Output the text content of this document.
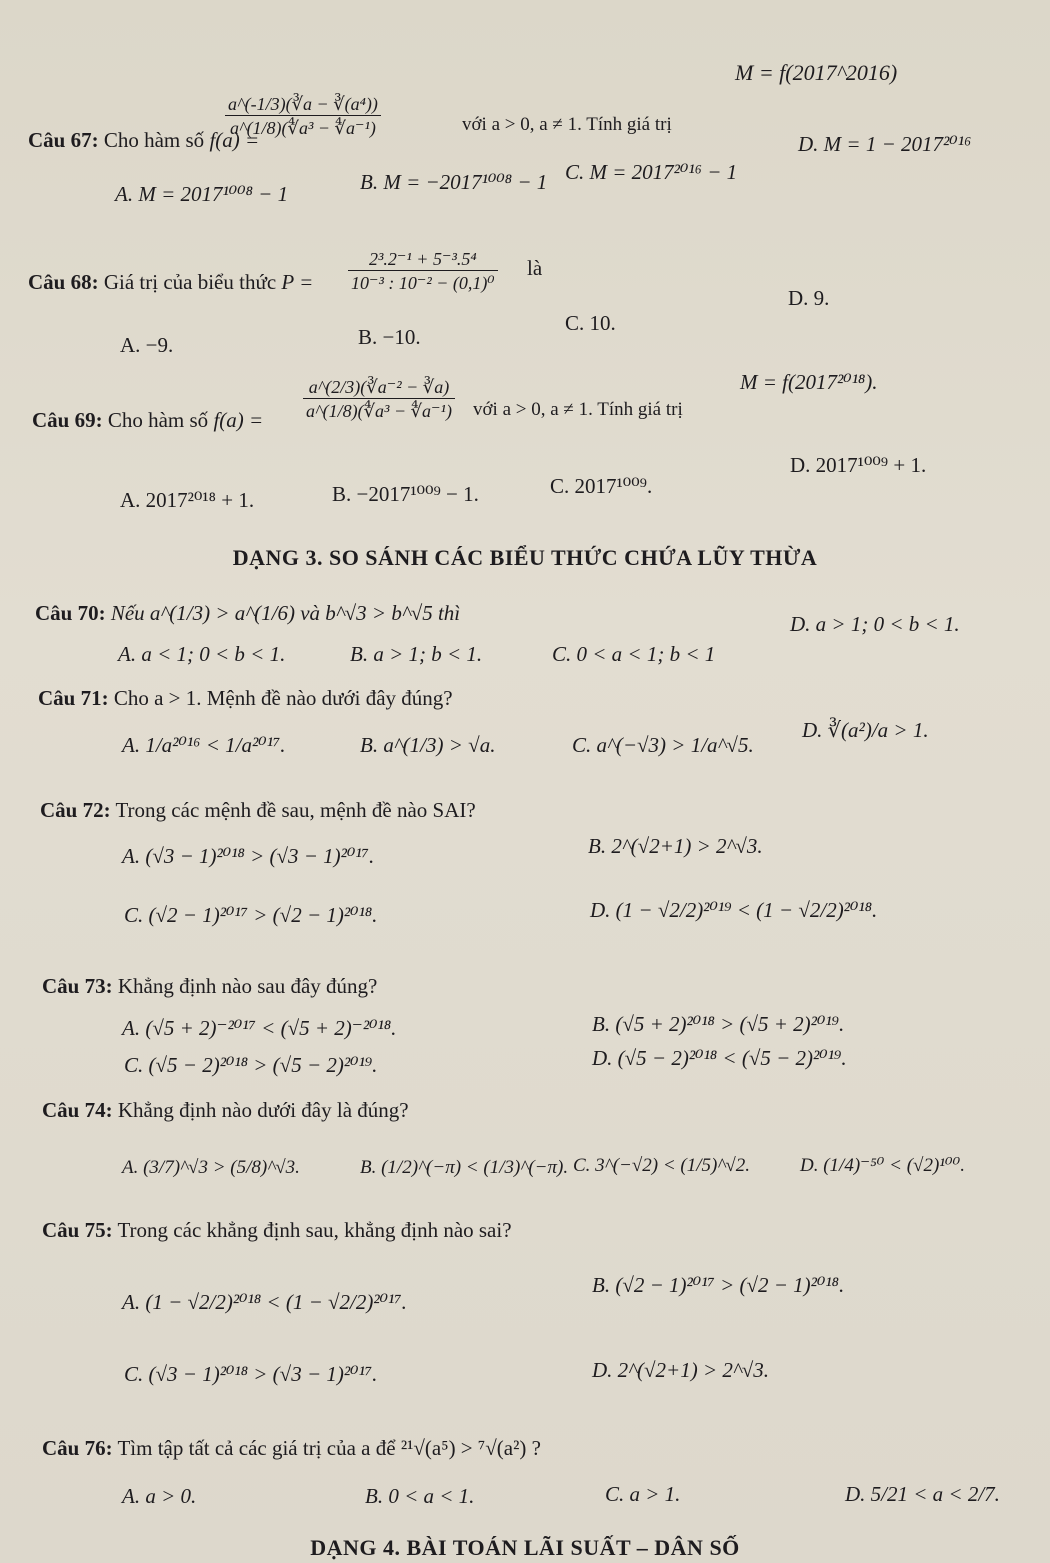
Câu 67: Cho hàm số f(a) =
$\frac{\text{a\textasciicircum{}(-1/3)(∛a − ∛(a⁴))}}{\text{a\textasciicircum{}(1/8)(∜a³ − ∜a⁻¹)}}$	với a > 0, a ≠ 1. Tính giá trị
M = f(2017^2016)
A. M = 2017¹⁰⁰⁸ − 1	B. M = −2017¹⁰⁰⁸ − 1 C. M = 2017²⁰¹⁶ − 1
D. M = 1 − 2017²⁰¹⁶
Câu 68: Giá trị của biểu thức $P = \frac{\text{2³.2⁻¹ + 5⁻³.5⁴}}{\text{10⁻³ : 10⁻² − (0,1)⁰}}$ là
A. −9.	B. −10.
C. 10.
D. 9.
Câu 69: Cho hàm số $f(a) = \frac{\text{a\textasciicircum{}(2/3)(∛a⁻² − ∛a)}}{\text{a\textasciicircum{}(1/8)(∜a³ − ∜a⁻¹)}}$ với a > 0, a ≠ 1. Tính giá trị
M = f(2017²⁰¹⁸).
A. 2017²⁰¹⁸ + 1.	B. −2017¹⁰⁰⁹ − 1.	C. 2017¹⁰⁰⁹.
D. 2017¹⁰⁰⁹ + 1.
DẠNG 3. SO SÁNH CÁC BIỂU THỨC CHỨA LŨY THỪA
Câu 70: Nếu a^(1/3) > a^(1/6) và b^√3 > b^√5 thì
A. a < 1; 0 < b < 1.	B. a > 1; b < 1.	C. 0 < a < 1; b < 1
D. a > 1; 0 < b < 1.
Câu 71: Cho a > 1. Mệnh đề nào dưới đây đúng?
A. 1/a²⁰¹⁶ < 1/a²⁰¹⁷.	B. a^(1/3) > √a.	C. a^(−√3) > 1/a^√5.
D. ∛(a²)/a > 1.
Câu 72: Trong các mệnh đề sau, mệnh đề nào SAI?
A. (√3 − 1)²⁰¹⁸ > (√3 − 1)²⁰¹⁷.	B. 2^(√2+1) > 2^√3.
C. (√2 − 1)²⁰¹⁷ > (√2 − 1)²⁰¹⁸.	D. (1 − √2/2)²⁰¹⁹ < (1 − √2/2)²⁰¹⁸.
Câu 73: Khẳng định nào sau đây đúng?
A. (√5 + 2)⁻²⁰¹⁷ < (√5 + 2)⁻²⁰¹⁸.	B. (√5 + 2)²⁰¹⁸ > (√5 + 2)²⁰¹⁹.
C. (√5 − 2)²⁰¹⁸ > (√5 − 2)²⁰¹⁹.	D. (√5 − 2)²⁰¹⁸ < (√5 − 2)²⁰¹⁹.
Câu 74: Khẳng định nào dưới đây là đúng?
A. (3/7)^√3 > (5/8)^√3.	B. (1/2)^(−π) < (1/3)^(−π). C. 3^(−√2) < (1/5)^√2.	D. (1/4)⁻⁵⁰ < (√2)¹⁰⁰.
Câu 75: Trong các khẳng định sau, khẳng định nào sai?
A. (1 − √2/2)²⁰¹⁸ < (1 − √2/2)²⁰¹⁷.
B. (√2 − 1)²⁰¹⁷ > (√2 − 1)²⁰¹⁸.
C. (√3 − 1)²⁰¹⁸ > (√3 − 1)²⁰¹⁷.	D. 2^(√2+1) > 2^√3.
Câu 76: Tìm tập tất cả các giá trị của a để ²¹√(a⁵) > ⁷√(a²) ?
A. a > 0.	B. 0 < a < 1.	C. a > 1.	D. 5/21 < a < 2/7.
DẠNG 4. BÀI TOÁN LÃI SUẤT – DÂN SỐ
